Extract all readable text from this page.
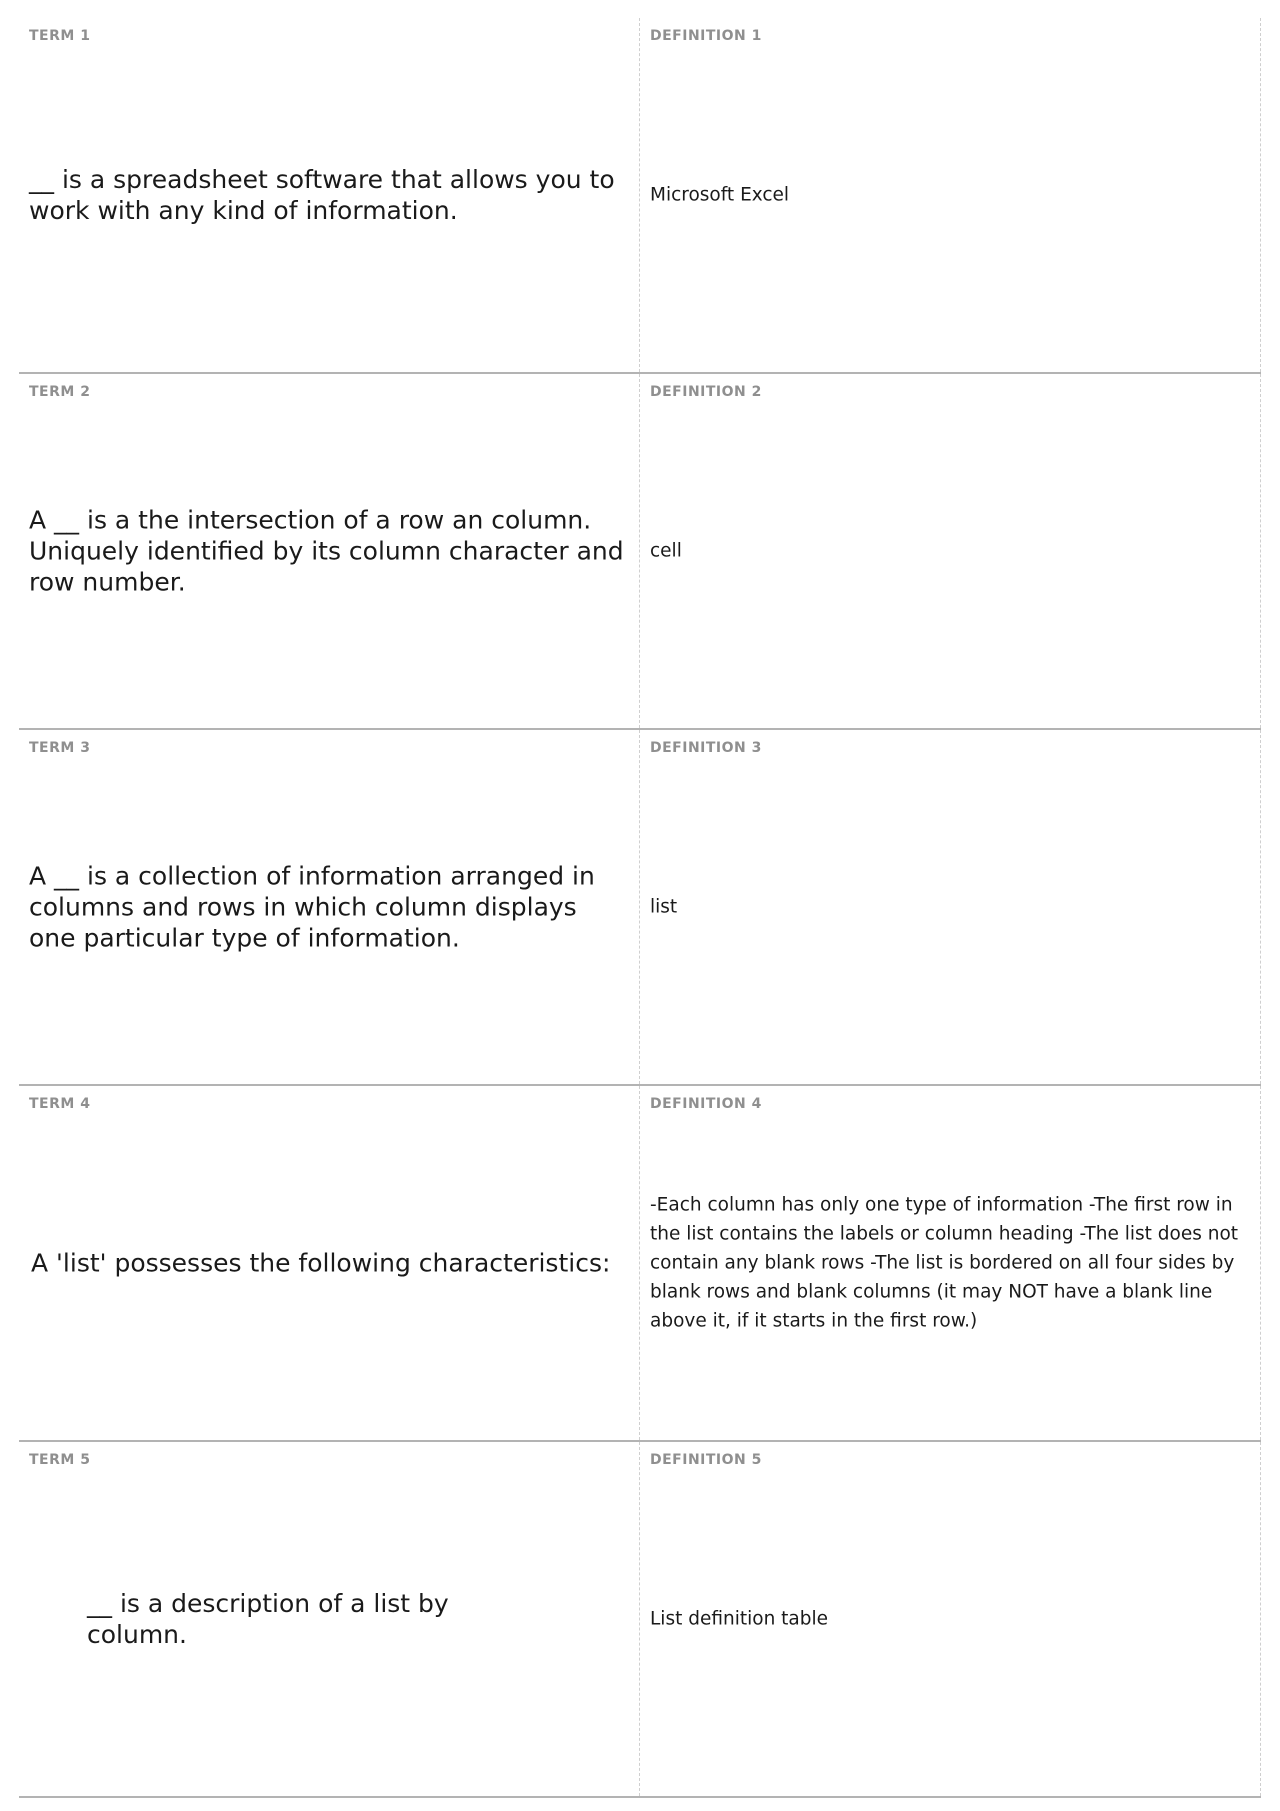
TERM 1
__ is a spreadsheet software that allows you to work with any kind of information.
DEFINITION 1
Microsoft Excel
TERM 2
A __ is a the intersection of a row an column. Uniquely identified by its column character and row number.
DEFINITION 2
cell
TERM 3
A __ is a collection of information arranged in columns and rows in which column displays one particular type of information.
DEFINITION 3
list
TERM 4
A 'list' possesses the following characteristics:
DEFINITION 4
-Each column has only one type of information -The first row in the list contains the labels or column heading -The list does not contain any blank rows -The list is bordered on all four sides by blank rows and blank columns (it may NOT have a blank line above it, if it starts in the first row.)
TERM 5
__ is a description of a list by column.
DEFINITION 5
List definition table
